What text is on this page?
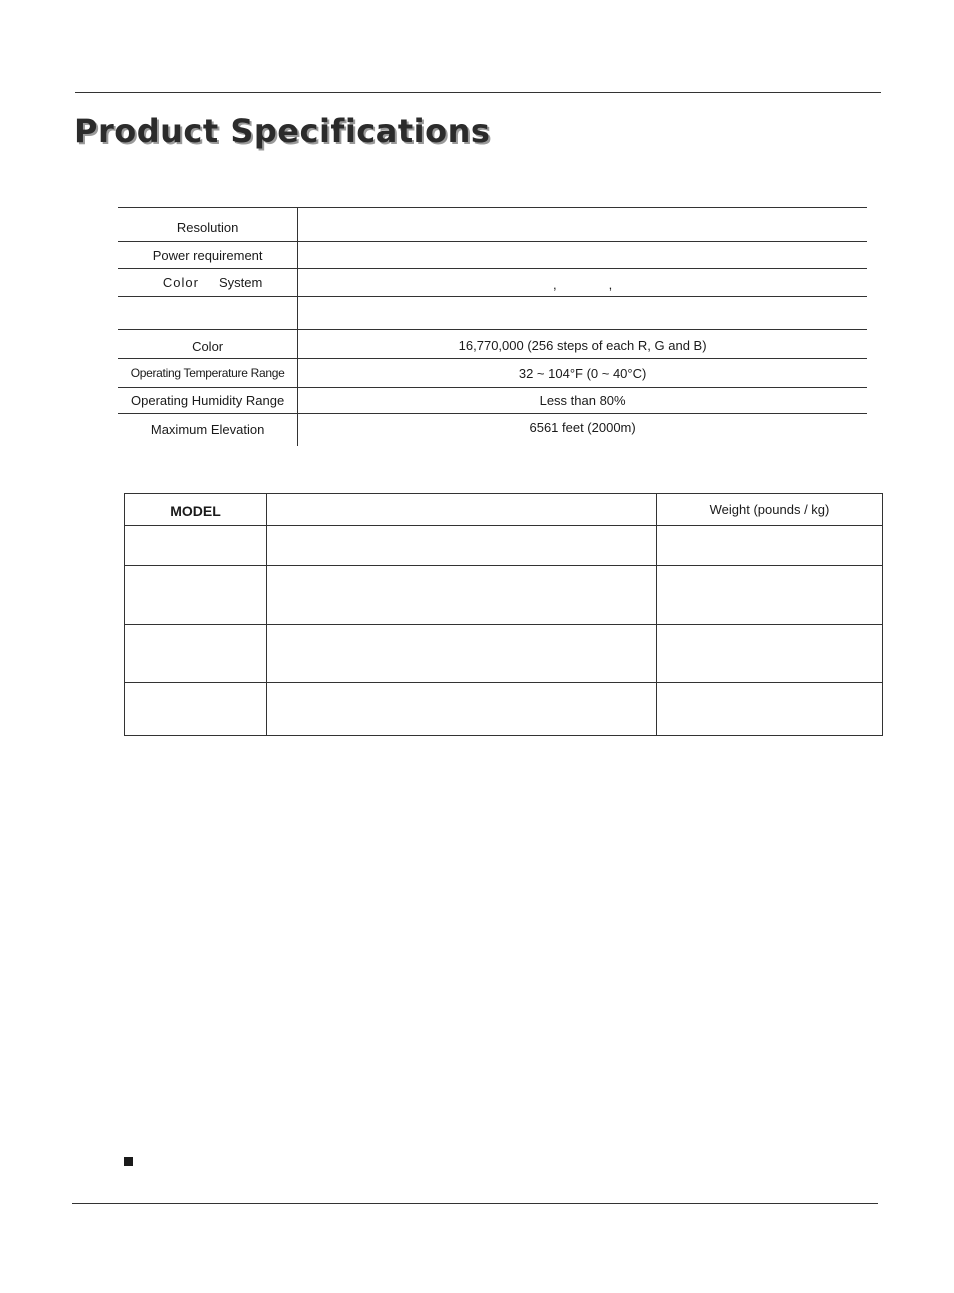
Product Specifications
Resolution	
Power requirement	
Color System	, ,

Color	16,770,000 (256 steps of each R, G and B)
Operating Temperature Range	32 ~ 104°F (0 ~ 40°C)
Operating Humidity Range	Less than 80%
Maximum Elevation	6561 feet (2000m)
MODEL		Weight (pounds / kg)
